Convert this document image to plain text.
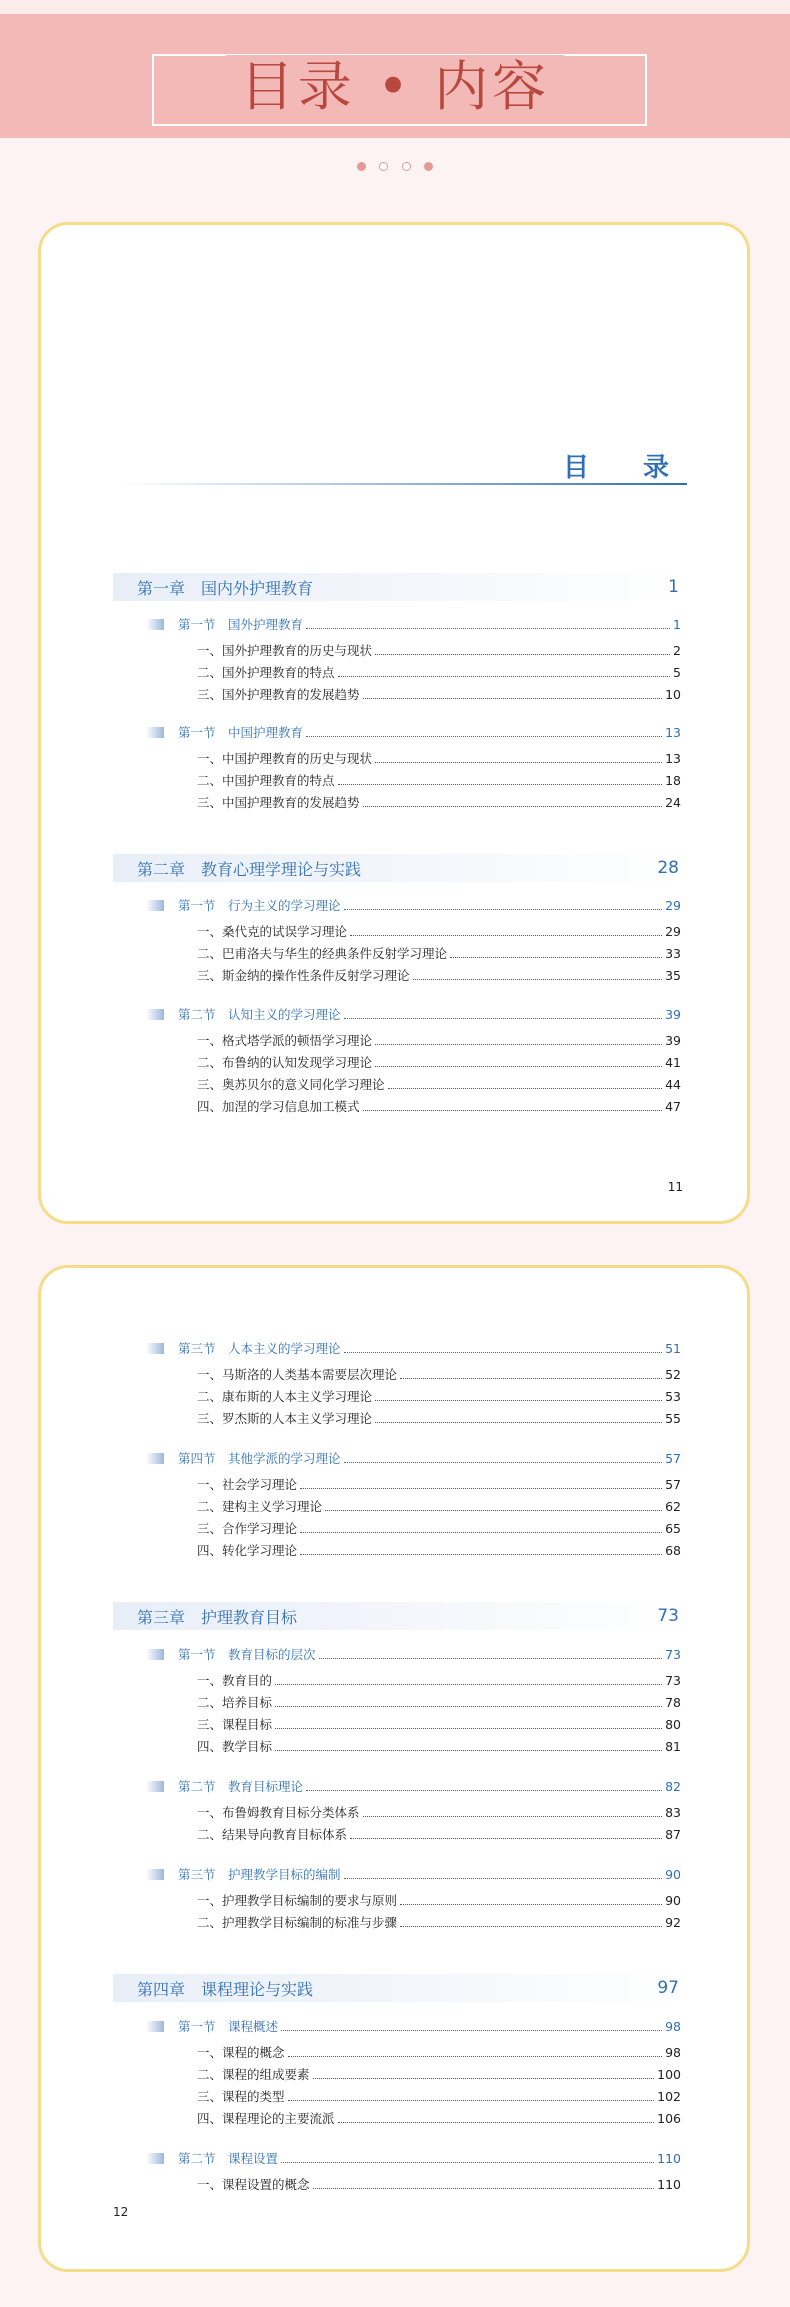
目录 • 内容

目　录
11
第一章　国内外护理教育	1
第一节　国外护理教育	1
一、国外护理教育的历史与现状	2
二、国外护理教育的特点	5
三、国外护理教育的发展趋势	10
第一节　中国护理教育	13
一、中国护理教育的历史与现状	13
二、中国护理教育的特点	18
三、中国护理教育的发展趋势	24
第二章　教育心理学理论与实践	28
第一节　行为主义的学习理论	29
一、桑代克的试误学习理论	29
二、巴甫洛夫与华生的经典条件反射学习理论	33
三、斯金纳的操作性条件反射学习理论	35
第二节　认知主义的学习理论	39
一、格式塔学派的顿悟学习理论	39
二、布鲁纳的认知发现学习理论	41
三、奥苏贝尔的意义同化学习理论	44
四、加涅的学习信息加工模式	47
12
第三节　人本主义的学习理论	51
一、马斯洛的人类基本需要层次理论	52
二、康布斯的人本主义学习理论	53
三、罗杰斯的人本主义学习理论	55
第四节　其他学派的学习理论	57
一、社会学习理论	57
二、建构主义学习理论	62
三、合作学习理论	65
四、转化学习理论	68
第三章　护理教育目标	73
第一节　教育目标的层次	73
一、教育目的	73
二、培养目标	78
三、课程目标	80
四、教学目标	81
第二节　教育目标理论	82
一、布鲁姆教育目标分类体系	83
二、结果导向教育目标体系	87
第三节　护理教学目标的编制	90
一、护理教学目标编制的要求与原则	90
二、护理教学目标编制的标准与步骤	92
第四章　课程理论与实践	97
第一节　课程概述	98
一、课程的概念	98
二、课程的组成要素	100
三、课程的类型	102
四、课程理论的主要流派	106
第二节　课程设置	110
一、课程设置的概念	110
